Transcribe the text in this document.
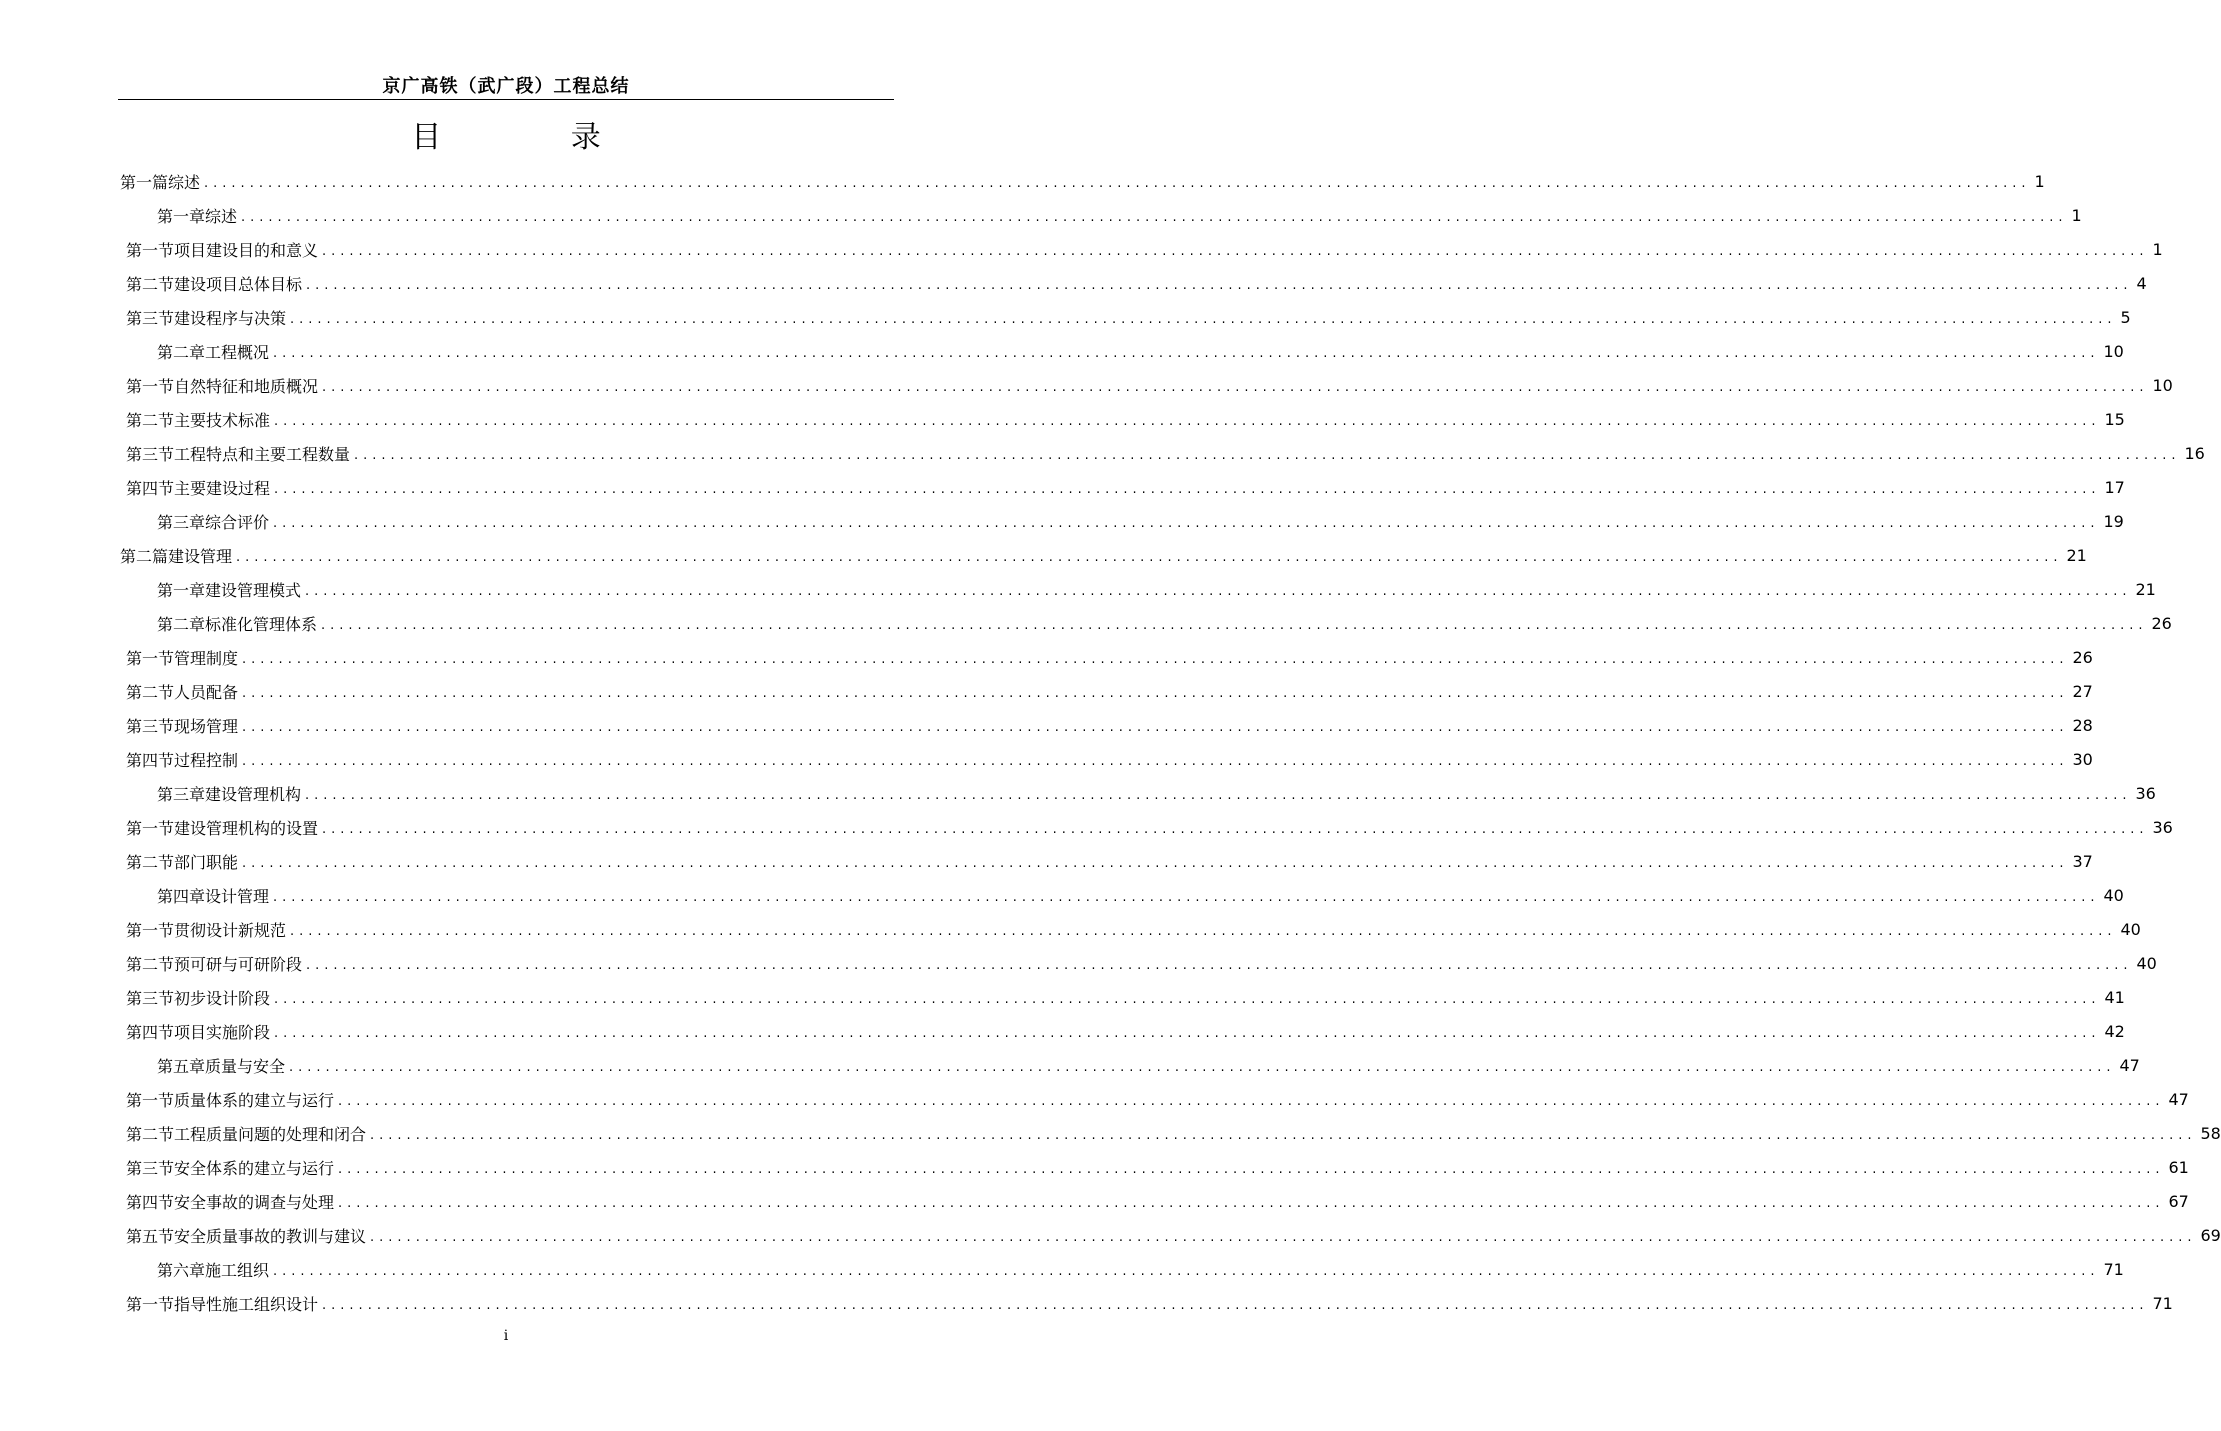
京广高铁（武广段）工程总结
目 录
第一篇 综述 ........................................................................................................................................................................................................ 1
第一章 综述 ........................................................................................................................................................................................................ 1
第一节 项目建设目的和意义 ........................................................................................................................................................................................................ 1
第二节 建设项目总体目标 ........................................................................................................................................................................................................ 4
第三节 建设程序与决策 ........................................................................................................................................................................................................ 5
第二章 工程概况 ........................................................................................................................................................................................................ 10
第一节 自然特征和地质概况 ........................................................................................................................................................................................................ 10
第二节 主要技术标准 ........................................................................................................................................................................................................ 15
第三节 工程特点和主要工程数量 ........................................................................................................................................................................................................ 16
第四节 主要建设过程 ........................................................................................................................................................................................................ 17
第三章 综合评价 ........................................................................................................................................................................................................ 19
第二篇 建设管理 ........................................................................................................................................................................................................ 21
第一章 建设管理模式 ........................................................................................................................................................................................................ 21
第二章 标准化管理体系 ........................................................................................................................................................................................................ 26
第一节 管理制度 ........................................................................................................................................................................................................ 26
第二节 人员配备 ........................................................................................................................................................................................................ 27
第三节 现场管理 ........................................................................................................................................................................................................ 28
第四节 过程控制 ........................................................................................................................................................................................................ 30
第三章 建设管理机构 ........................................................................................................................................................................................................ 36
第一节 建设管理机构的设置 ........................................................................................................................................................................................................ 36
第二节 部门职能 ........................................................................................................................................................................................................ 37
第四章 设计管理 ........................................................................................................................................................................................................ 40
第一节 贯彻设计新规范 ........................................................................................................................................................................................................ 40
第二节 预可研与可研阶段 ........................................................................................................................................................................................................ 40
第三节 初步设计阶段 ........................................................................................................................................................................................................ 41
第四节 项目实施阶段 ........................................................................................................................................................................................................ 42
第五章 质量与安全 ........................................................................................................................................................................................................ 47
第一节 质量体系的建立与运行 ........................................................................................................................................................................................................ 47
第二节 工程质量问题的处理和闭合 ........................................................................................................................................................................................................ 58
第三节 安全体系的建立与运行 ........................................................................................................................................................................................................ 61
第四节 安全事故的调查与处理 ........................................................................................................................................................................................................ 67
第五节 安全质量事故的教训与建议 ........................................................................................................................................................................................................ 69
第六章 施工组织 ........................................................................................................................................................................................................ 71
第一节 指导性施工组织设计 ........................................................................................................................................................................................................ 71
i
